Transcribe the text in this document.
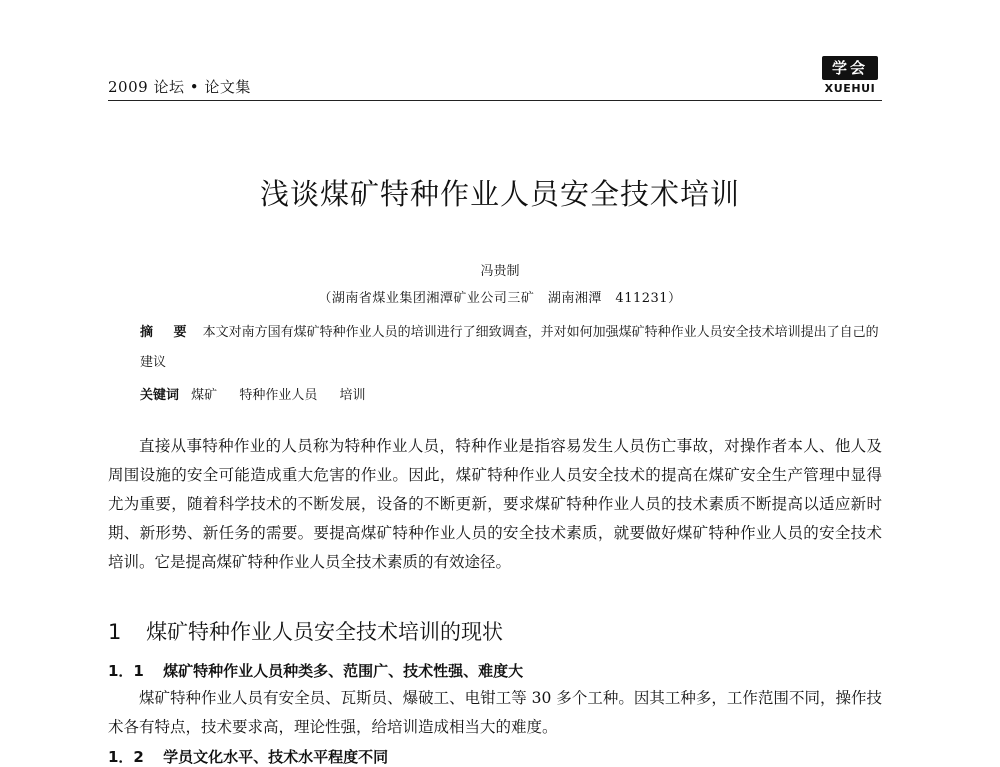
2009 论坛 • 论文集
学会
XUEHUI
浅谈煤矿特种作业人员安全技术培训
冯贵制
（湖南省煤业集团湘潭矿业公司三矿　湖南湘潭　411231）
摘 要 本文对南方国有煤矿特种作业人员的培训进行了细致调查，并对如何加强煤矿特种作业人员安全技术培训提出了自己的建议
关键词 煤矿 特种作业人员 培训

直接从事特种作业的人员称为特种作业人员，特种作业是指容易发生人员伤亡事故，对操作者本人、他人及周围设施的安全可能造成重大危害的作业。因此，煤矿特种作业人员安全技术的提高在煤矿安全生产管理中显得尤为重要，随着科学技术的不断发展，设备的不断更新，要求煤矿特种作业人员的技术素质不断提高以适应新时期、新形势、新任务的需要。要提高煤矿特种作业人员的安全技术素质，就要做好煤矿特种作业人员的安全技术培训。它是提高煤矿特种作业人员全技术素质的有效途径。

1 煤矿特种作业人员安全技术培训的现状
1．1 煤矿特种作业人员种类多、范围广、技术性强、难度大

煤矿特种作业人员有安全员、瓦斯员、爆破工、电钳工等 30 多个工种。因其工种多，工作范围不同，操作技术各有特点，技术要求高，理论性强，给培训造成相当大的难度。

1．2 学员文化水平、技术水平程度不同
